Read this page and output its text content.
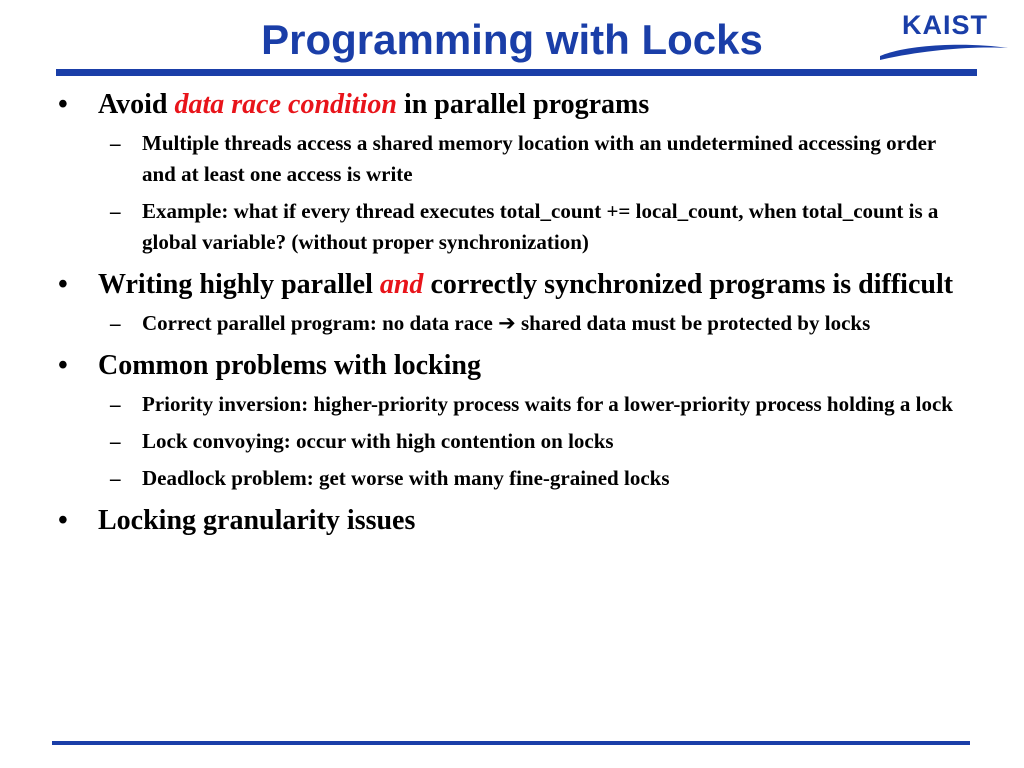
Programming with Locks	KAIST
• Avoid data race condition in parallel programs
– Multiple threads access a shared memory location with an undetermined accessing order and at least one access is write
– Example: what if every thread executes total_count += local_count, when total_count is a global variable? (without proper synchronization)
• Writing highly parallel and correctly synchronized programs is difficult
– Correct parallel program: no data race ➔ shared data must be protected by locks
• Common problems with locking
– Priority inversion: higher-priority process waits for a lower-priority process holding a lock
– Lock convoying: occur with high contention on locks
– Deadlock problem: get worse with many fine-grained locks
• Locking granularity issues
